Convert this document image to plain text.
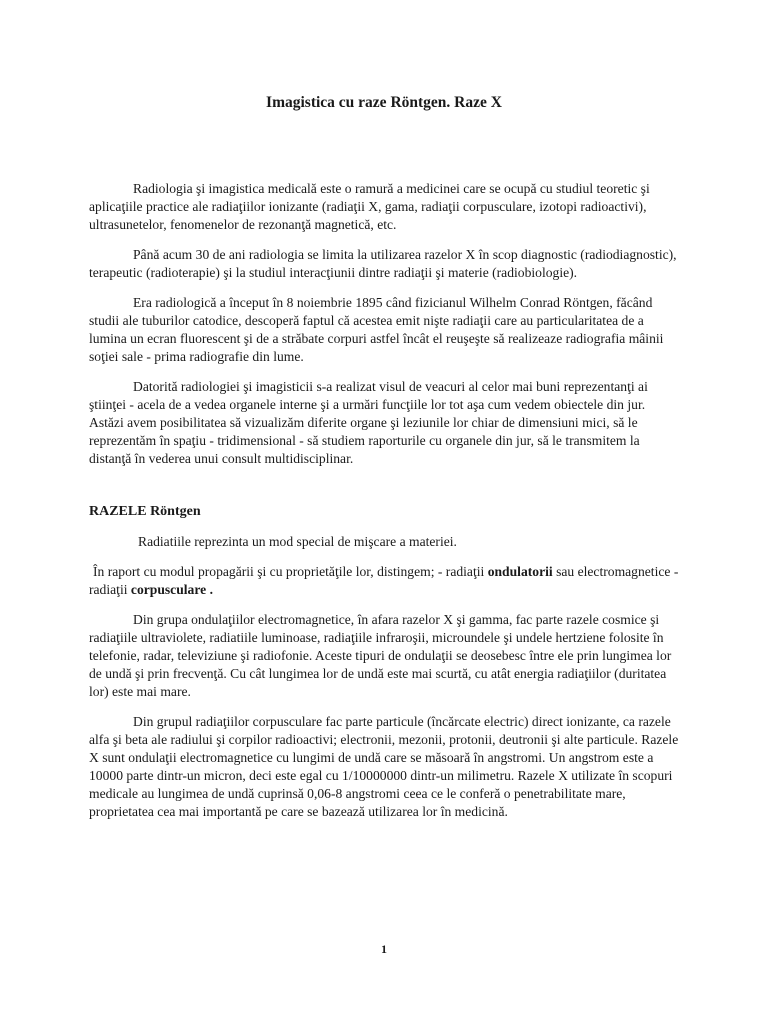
Imagistica cu raze Röntgen. Raze X

Radiologia şi imagistica medicală este o ramură a medicinei care se ocupă cu studiul teoretic şi aplicaţiile practice ale radiaţiilor ionizante (radiaţii X, gama, radiaţii corpusculare, izotopi radioactivi), ultrasunetelor, fenomenelor de rezonanţă magnetică, etc.

Până acum 30 de ani radiologia se limita la utilizarea razelor X în scop diagnostic (radiodiagnostic), terapeutic (radioterapie) şi la studiul interacţiunii dintre radiaţii şi materie (radiobiologie).

Era radiologică a început în 8 noiembrie 1895 când fizicianul Wilhelm Conrad Röntgen, făcând studii ale tuburilor catodice, descoperă faptul că acestea emit nişte radiaţii care au particularitatea de a lumina un ecran fluorescent şi de a străbate corpuri astfel încât el reuşeşte să realizeaze radiografia mâinii soţiei sale - prima radiografie din lume.

Datorită radiologiei şi imagisticii s-a realizat visul de veacuri al celor mai buni reprezentanţi ai ştiinţei - acela de a vedea organele interne şi a urmări funcţiile lor tot aşa cum vedem obiectele din jur. Astăzi avem posibilitatea să vizualizăm diferite organe şi leziunile lor chiar de dimensiuni mici, să le reprezentăm în spaţiu - tridimensional - să studiem raporturile cu organele din jur, să le transmitem la distanţă în vederea unui consult multidisciplinar.

RAZELE Röntgen

Radiatiile reprezinta un mod special de mişcare a materiei.

În raport cu modul propagării şi cu proprietăţile lor, distingem; - radiaţii ondulatorii sau electromagnetice - radiaţii corpusculare .

Din grupa ondulaţiilor electromagnetice, în afara razelor X şi gamma, fac parte razele cosmice şi radiaţiile ultraviolete, radiatiile luminoase, radiaţiile infraroşii, microundele şi undele hertziene folosite în telefonie, radar, televiziune şi radiofonie. Aceste tipuri de ondulaţii se deosebesc între ele prin lungimea lor de undă şi prin frecvenţă. Cu cât lungimea lor de undă este mai scurtă, cu atât energia radiaţiilor (duritatea lor) este mai mare.

Din grupul radiaţiilor corpusculare fac parte particule (încărcate electric) direct ionizante, ca razele alfa şi beta ale radiului şi corpilor radioactivi; electronii, mezonii, protonii, deutronii şi alte particule. Razele X sunt ondulaţii electromagnetice cu lungimi de undă care se măsoară în angstromi. Un angstrom este a 10000 parte dintr-un micron, deci este egal cu 1/10000000 dintr-un milimetru. Razele X utilizate în scopuri medicale au lungimea de undă cuprinsă 0,06-8 angstromi ceea ce le conferă o penetrabilitate mare, proprietatea cea mai importantă pe care se bazează utilizarea lor în medicină.

1
